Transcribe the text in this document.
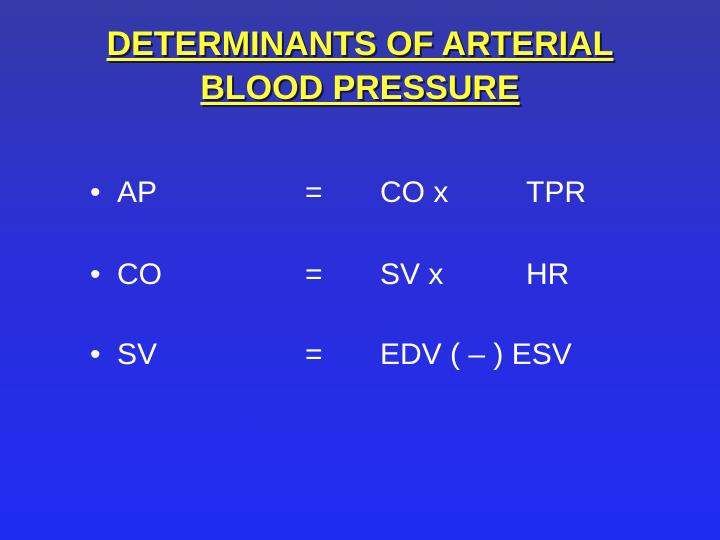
DETERMINANTS OF ARTERIAL
BLOOD PRESSURE
• AP	= CO x	TPR
• CO	= SV x	HR
• SV	= EDV ( – ) ESV
